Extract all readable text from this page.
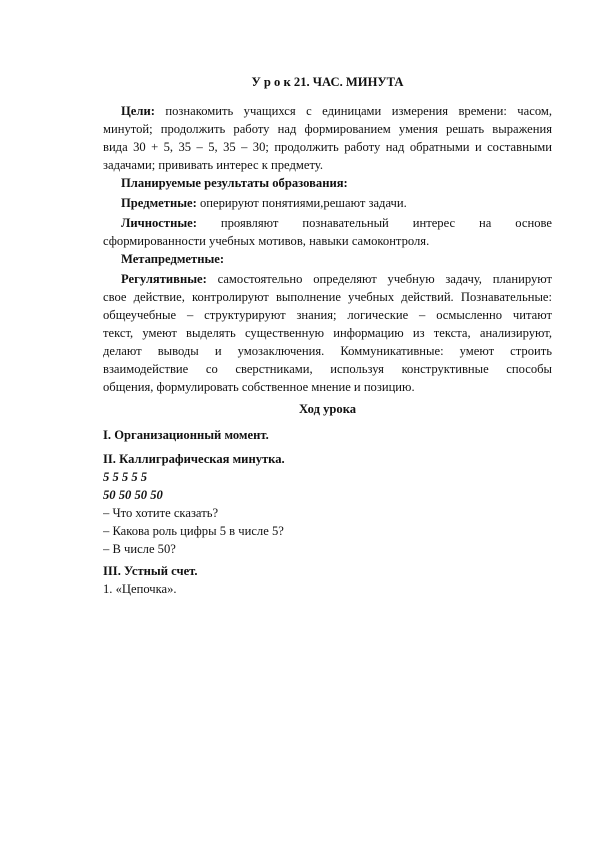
У р о к 21. ЧАС. МИНУТА
Цели: познакомить учащихся с единицами измерения времени: часом,
минутой; продолжить работу над формированием умения решать выражения
вида 30 + 5, 35 – 5, 35 – 30; продолжить работу над обратными и составными
задачами; прививать интерес к предмету.
Планируемые результаты образования:
Предметные: оперируют понятиями,решают задачи.
Личностные: проявляют познавательный интерес на основе
сформированности учебных мотивов, навыки самоконтроля.
Метапредметные:
Регулятивные: самостоятельно определяют учебную задачу, планируют
свое действие, контролируют выполнение учебных действий. Познавательные:
общеучебные – структурируют знания; логические – осмысленно читают
текст, умеют выделять существенную информацию из текста, анализируют,
делают выводы и умозаключения. Коммуникативные: умеют строить
взаимодействие со сверстниками, используя конструктивные способы
общения, формулировать собственное мнение и позицию.
Ход урока
I. Организационный момент.
II. Каллиграфическая минутка.
5 5 5 5 5
50 50 50 50
– Что хотите сказать?
– Какова роль цифры 5 в числе 5?
– В числе 50?
III. Устный счет.
1. «Цепочка».
